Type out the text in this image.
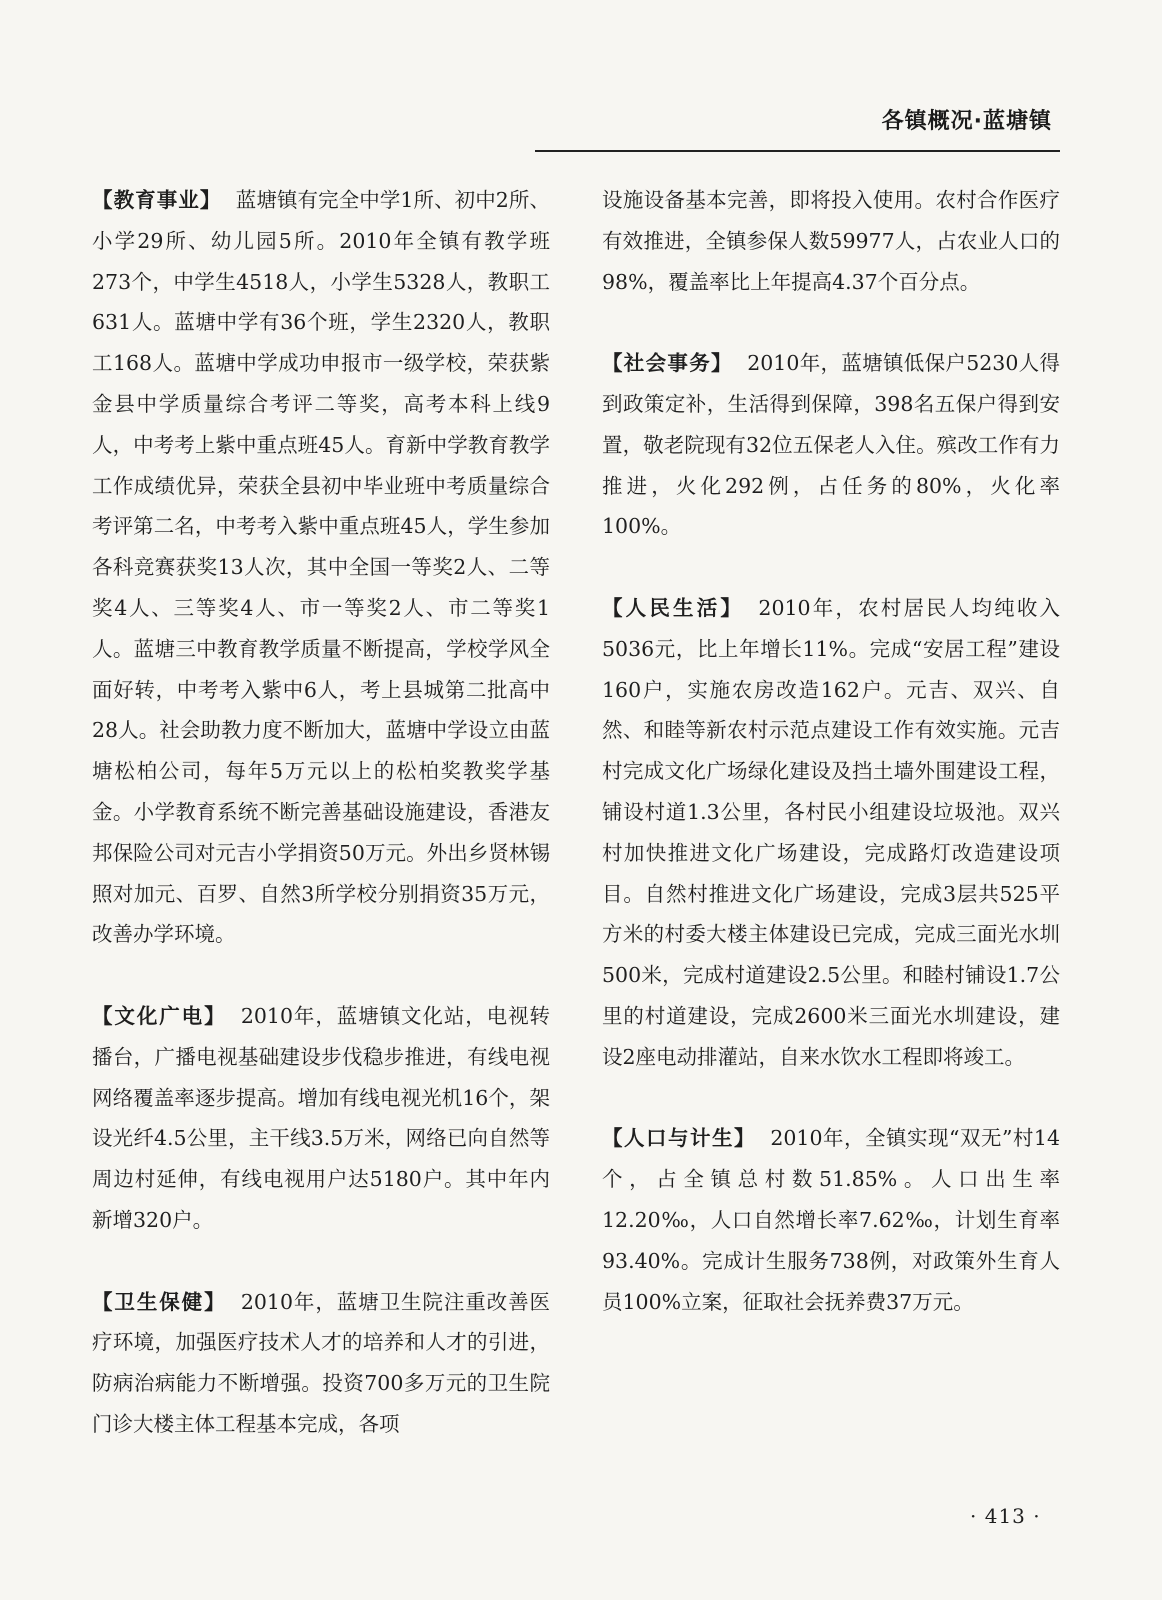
各镇概况·蓝塘镇

【教育事业】 蓝塘镇有完全中学1所、初中2所、小学29所、幼儿园5所。2010年全镇有教学班273个，中学生4518人，小学生5328人，教职工631人。蓝塘中学有36个班，学生2320人，教职工168人。蓝塘中学成功申报市一级学校，荣获紫金县中学质量综合考评二等奖，高考本科上线9人，中考考上紫中重点班45人。育新中学教育教学工作成绩优异，荣获全县初中毕业班中考质量综合考评第二名，中考考入紫中重点班45人，学生参加各科竞赛获奖13人次，其中全国一等奖2人、二等奖4人、三等奖4人、市一等奖2人、市二等奖1人。蓝塘三中教育教学质量不断提高，学校学风全面好转，中考考入紫中6人，考上县城第二批高中28人。社会助教力度不断加大，蓝塘中学设立由蓝塘松柏公司，每年5万元以上的松柏奖教奖学基金。小学教育系统不断完善基础设施建设，香港友邦保险公司对元吉小学捐资50万元。外出乡贤林锡照对加元、百罗、自然3所学校分别捐资35万元，改善办学环境。

【文化广电】 2010年，蓝塘镇文化站，电视转播台，广播电视基础建设步伐稳步推进，有线电视网络覆盖率逐步提高。增加有线电视光机16个，架设光纤4.5公里，主干线3.5万米，网络已向自然等周边村延伸，有线电视用户达5180户。其中年内新增320户。

【卫生保健】 2010年，蓝塘卫生院注重改善医疗环境，加强医疗技术人才的培养和人才的引进，防病治病能力不断增强。投资700多万元的卫生院门诊大楼主体工程基本完成，各项

设施设备基本完善，即将投入使用。农村合作医疗有效推进，全镇参保人数59977人，占农业人口的98%，覆盖率比上年提高4.37个百分点。

【社会事务】 2010年，蓝塘镇低保户5230人得到政策定补，生活得到保障，398名五保户得到安置，敬老院现有32位五保老人入住。殡改工作有力推进，火化292例，占任务的80%，火化率100%。

【人民生活】 2010年，农村居民人均纯收入5036元，比上年增长11%。完成“安居工程”建设160户，实施农房改造162户。元吉、双兴、自然、和睦等新农村示范点建设工作有效实施。元吉村完成文化广场绿化建设及挡土墙外围建设工程，铺设村道1.3公里，各村民小组建设垃圾池。双兴村加快推进文化广场建设，完成路灯改造建设项目。自然村推进文化广场建设，完成3层共525平方米的村委大楼主体建设已完成，完成三面光水圳500米，完成村道建设2.5公里。和睦村铺设1.7公里的村道建设，完成2600米三面光水圳建设，建设2座电动排灌站，自来水饮水工程即将竣工。

【人口与计生】 2010年，全镇实现“双无”村14个，占全镇总村数51.85%。人口出生率12.20‰，人口自然增长率7.62‰，计划生育率93.40%。完成计生服务738例，对政策外生育人员100%立案，征取社会抚养费37万元。

· 413 ·
